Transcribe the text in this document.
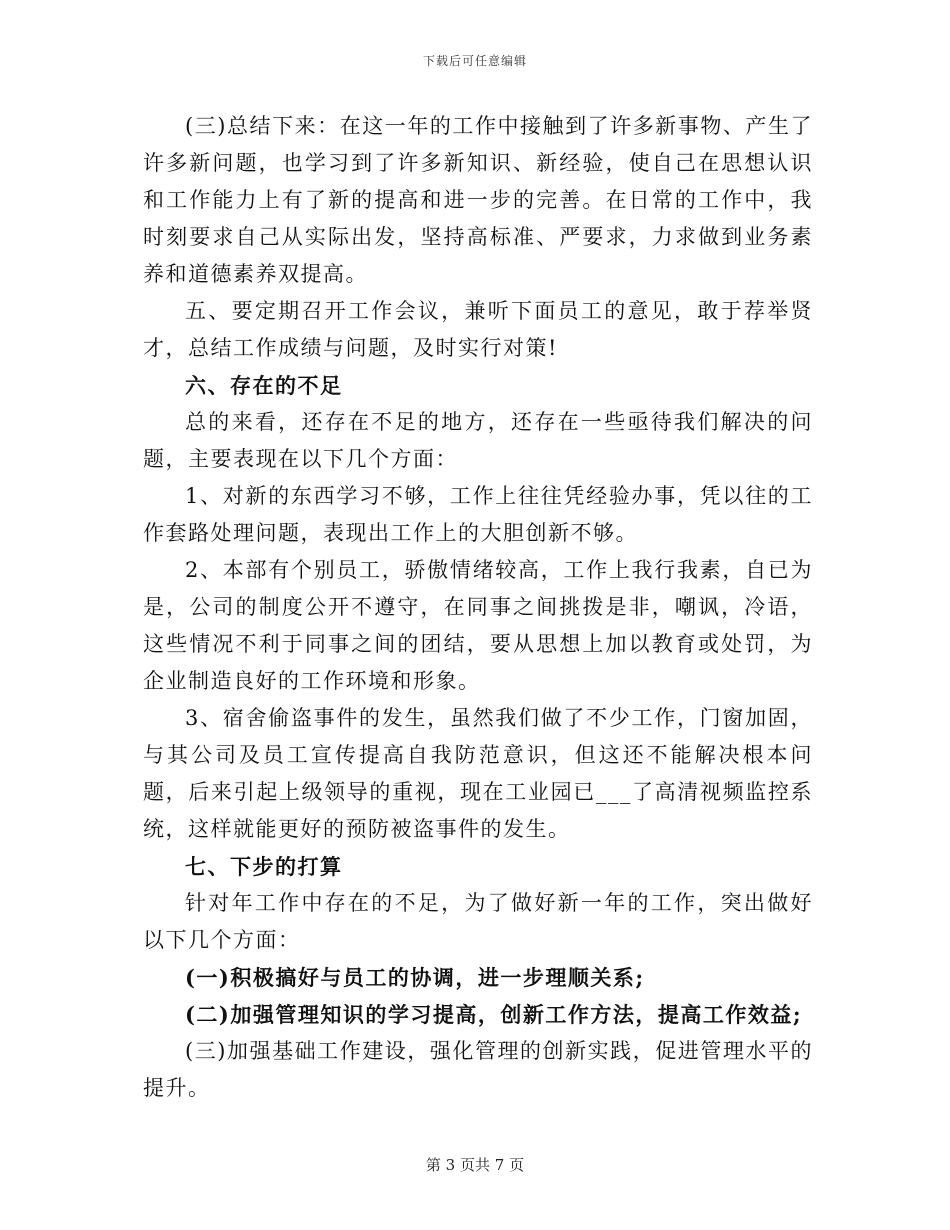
下载后可任意编辑

(三)总结下来：在这一年的工作中接触到了许多新事物、产生了许多新问题，也学习到了许多新知识、新经验，使自己在思想认识和工作能力上有了新的提高和进一步的完善。在日常的工作中，我时刻要求自己从实际出发，坚持高标准、严要求，力求做到业务素养和道德素养双提高。

五、要定期召开工作会议，兼听下面员工的意见，敢于荐举贤才，总结工作成绩与问题，及时实行对策!

六、存在的不足

总的来看，还存在不足的地方，还存在一些亟待我们解决的问题，主要表现在以下几个方面：

1、对新的东西学习不够，工作上往往凭经验办事，凭以往的工作套路处理问题，表现出工作上的大胆创新不够。

2、本部有个别员工，骄傲情绪较高，工作上我行我素，自已为是，公司的制度公开不遵守，在同事之间挑拨是非，嘲讽，冷语，这些情况不利于同事之间的团结，要从思想上加以教育或处罚，为企业制造良好的工作环境和形象。

3、宿舍偷盗事件的发生，虽然我们做了不少工作，门窗加固，与其公司及员工宣传提高自我防范意识，但这还不能解决根本问题，后来引起上级领导的重视，现在工业园已___了高清视频监控系统，这样就能更好的预防被盗事件的发生。

七、下步的打算

针对年工作中存在的不足，为了做好新一年的工作，突出做好以下几个方面：

(一)积极搞好与员工的协调，进一步理顺关系;

(二)加强管理知识的学习提高，创新工作方法，提高工作效益;

(三)加强基础工作建设，强化管理的创新实践，促进管理水平的提升。

第 3 页共 7 页
